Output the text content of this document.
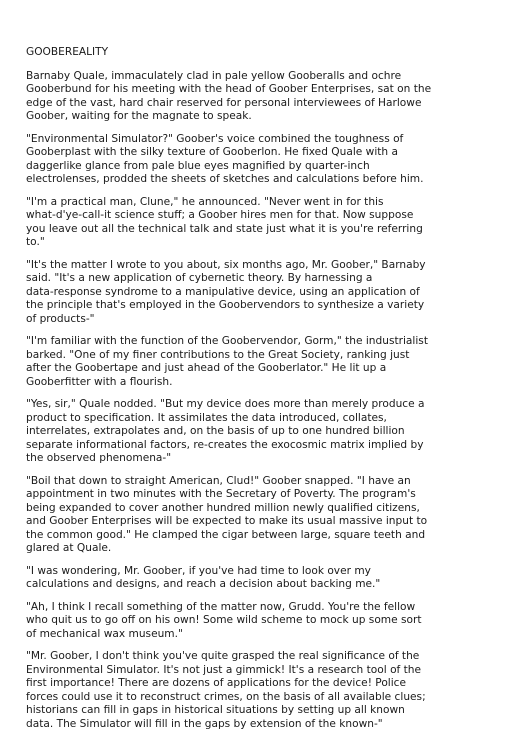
GOOBEREALITY
Barnaby Quale, immaculately clad in pale yellow Gooberalls and ochre
Gooberbund for his meeting with the head of Goober Enterprises, sat on the
edge of the vast, hard chair reserved for personal interviewees of Harlowe
Goober, waiting for the magnate to speak.
"Environmental Simulator?" Goober's voice combined the toughness of
Gooberplast with the silky texture of Gooberlon. He fixed Quale with a
daggerlike glance from pale blue eyes magnified by quarter-inch
electrolenses, prodded the sheets of sketches and calculations before him.
"I'm a practical man, Clune," he announced. "Never went in for this
what-d'ye-call-it science stuff; a Goober hires men for that. Now suppose
you leave out all the technical talk and state just what it is you're referring
to."
"It's the matter I wrote to you about, six months ago, Mr. Goober," Barnaby
said. "It's a new application of cybernetic theory. By harnessing a
data-response syndrome to a manipulative device, using an application of
the principle that's employed in the Goobervendors to synthesize a variety
of products-"
"I'm familiar with the function of the Goobervendor, Gorm," the industrialist
barked. "One of my finer contributions to the Great Society, ranking just
after the Goobertape and just ahead of the Gooberlator." He lit up a
Gooberfitter with a flourish.
"Yes, sir," Quale nodded. "But my device does more than merely produce a
product to specification. It assimilates the data introduced, collates,
interrelates, extrapolates and, on the basis of up to one hundred billion
separate informational factors, re-creates the exocosmic matrix implied by
the observed phenomena-"
"Boil that down to straight American, Clud!" Goober snapped. "I have an
appointment in two minutes with the Secretary of Poverty. The program's
being expanded to cover another hundred million newly qualified citizens,
and Goober Enterprises will be expected to make its usual massive input to
the common good." He clamped the cigar between large, square teeth and
glared at Quale.
"I was wondering, Mr. Goober, if you've had time to look over my
calculations and designs, and reach a decision about backing me."
"Ah, I think I recall something of the matter now, Grudd. You're the fellow
who quit us to go off on his own! Some wild scheme to mock up some sort
of mechanical wax museum."
"Mr. Goober, I don't think you've quite grasped the real significance of the
Environmental Simulator. It's not just a gimmick! It's a research tool of the
first importance! There are dozens of applications for the device! Police
forces could use it to reconstruct crimes, on the basis of all available clues;
historians can fill in gaps in historical situations by setting up all known
data. The Simulator will fill in the gaps by extension of the known-"
